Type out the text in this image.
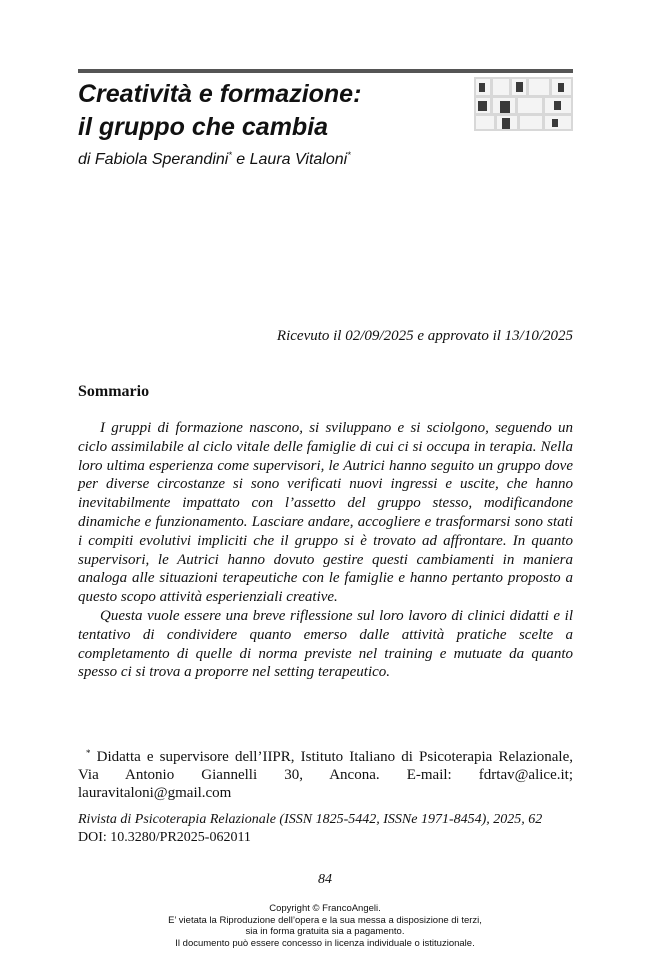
Creatività e formazione:
il gruppo che cambia
di Fabiola Sperandini* e Laura Vitaloni*
Ricevuto il 02/09/2025 e approvato il 13/10/2025
Sommario

I gruppi di formazione nascono, si sviluppano e si sciolgono, seguendo un ciclo assimilabile al ciclo vitale delle famiglie di cui ci si occupa in terapia. Nella loro ultima esperienza come supervisori, le Autrici hanno seguito un gruppo dove per diverse circostanze si sono verificati nuovi ingressi e uscite, che hanno inevitabilmente impattato con l’assetto del gruppo stesso, modificandone dinamiche e funzionamento. Lasciare andare, accogliere e trasformarsi sono stati i compiti evolutivi impliciti che il gruppo si è trovato ad affrontare. In quanto supervisori, le Autrici hanno dovuto gestire questi cambiamenti in maniera analoga alle situazioni terapeutiche con le famiglie e hanno pertanto proposto a questo scopo attività esperienziali creative.

Questa vuole essere una breve riflessione sul loro lavoro di clinici didatti e il tentativo di condividere quanto emerso dalle attività pratiche scelte a completamento di quelle di norma previste nel training e mutuate da quanto spesso ci si trova a proporre nel setting terapeutico.

* Didatta e supervisore dell’IIPR, Istituto Italiano di Psicoterapia Relazionale, Via Antonio Giannelli 30, Ancona. E-mail: fdrtav@alice.it; lauravitaloni@gmail.com
Rivista di Psicoterapia Relazionale (ISSN 1825-5442, ISSNe 1971-8454), 2025, 62
DOI: 10.3280/PR2025-062011
84
Copyright © FrancoAngeli.
E’ vietata la Riproduzione dell’opera e la sua messa a disposizione di terzi,
sia in forma gratuita sia a pagamento.
Il documento può essere concesso in licenza individuale o istituzionale.
